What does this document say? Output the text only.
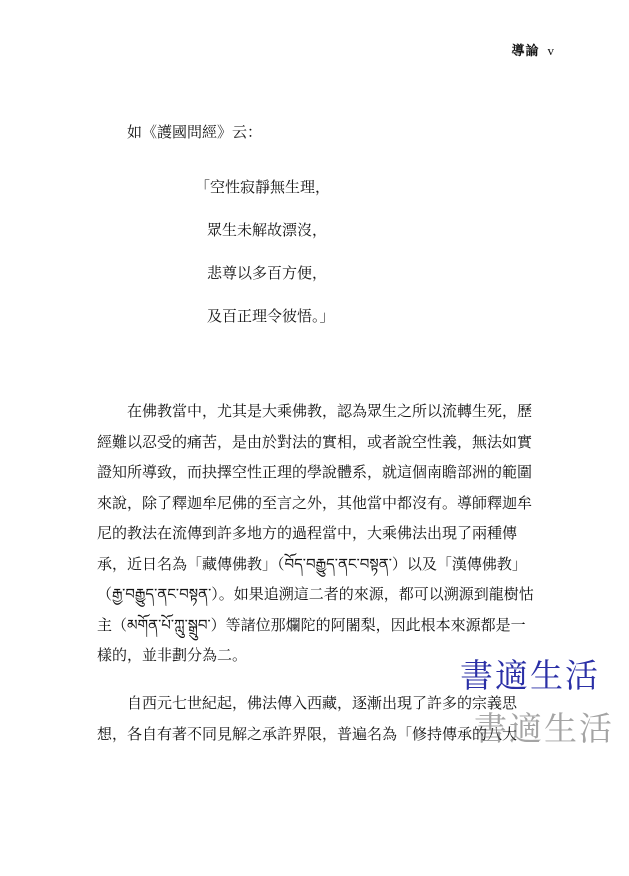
導論 v
如《護國問經》云：
「空性寂靜無生理，
眾生未解故漂沒，
悲尊以多百方便，
及百正理令彼悟。」

在佛教當中，尤其是大乘佛教，認為眾生之所以流轉生死，歷經難以忍受的痛苦，是由於對法的實相，或者說空性義，無法如實證知所導致，而抉擇空性正理的學說體系，就這個南瞻部洲的範圍來說，除了釋迦牟尼佛的至言之外，其他當中都沒有。導師釋迦牟尼的教法在流傳到許多地方的過程當中，大乘佛法出現了兩種傳承，近日名為「藏傳佛教」（བོད་བརྒྱུད་ནང་བསྟན་）以及「漢傳佛教」（རྒྱ་བརྒྱུད་ནང་བསྟན་）。如果追溯這二者的來源，都可以溯源到龍樹怙主（མགོན་པོ་ཀླུ་སྒྲུབ་）等諸位那爛陀的阿闍梨，因此根本來源都是一樣的，並非劃分為二。

自西元七世紀起，佛法傳入西藏，逐漸出現了許多的宗義思想，各自有著不同見解之承許界限，普遍名為「修持傳承的八大

書適生活
書適生活
